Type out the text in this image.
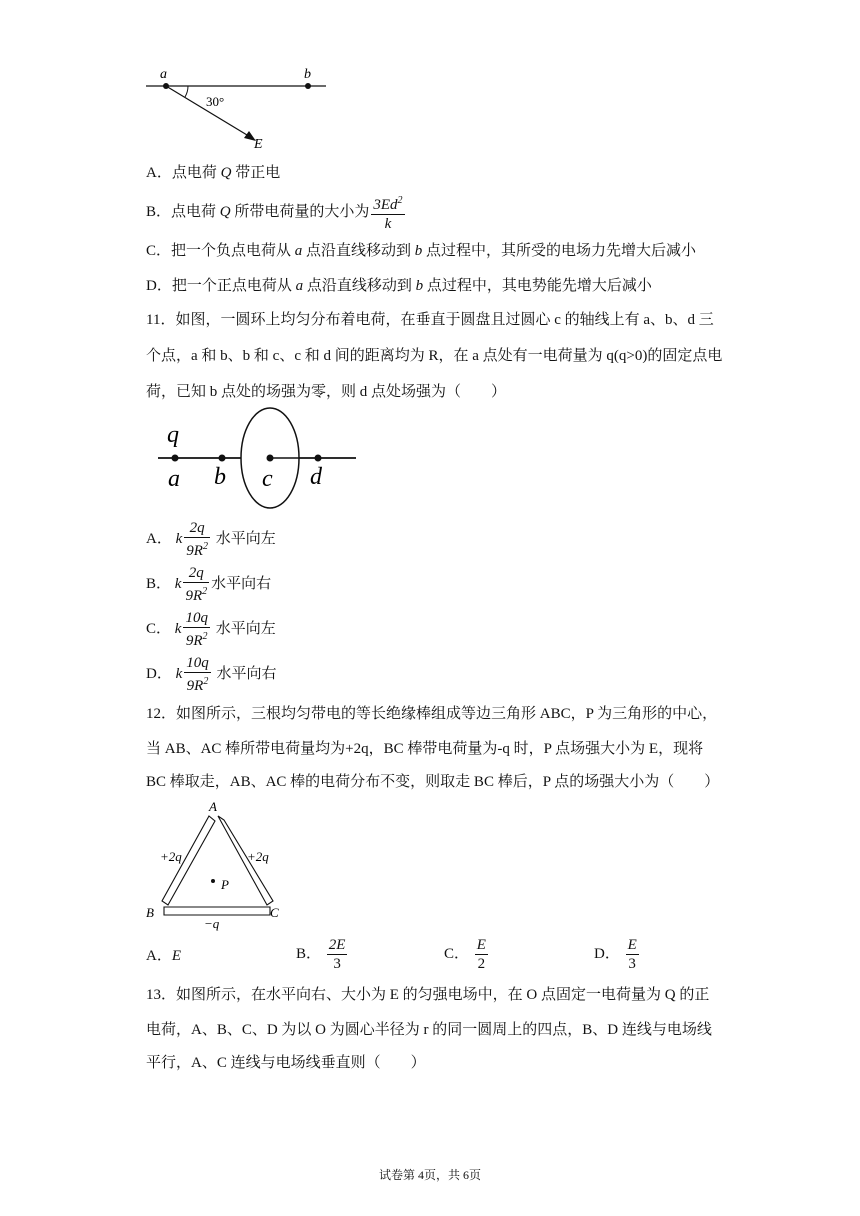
a	b
30°
E
A．点电荷 Q 带正电
B．点电荷 Q 所带电荷量的大小为 $\frac{3Ed^2}{k}$
C．把一个负点电荷从 a 点沿直线移动到 b 点过程中，其所受的电场力先增大后减小
D．把一个正点电荷从 a 点沿直线移动到 b 点过程中，其电势能先增大后减小
11．如图，一圆环上均匀分布着电荷，在垂直于圆盘且过圆心 c 的轴线上有 a、b、d 三个点，a 和 b、b 和 c、c 和 d 间的距离均为 R，在 a 点处有一电荷量为 q(q>0)的固定点电荷，已知 b 点处的场强为零，则 d 点处场强为（　　）
q
a b c d
A． k $\frac{2q}{9R^2}$ 水平向左
B． k $\frac{2q}{9R^2}$ 水平向右
C． k $\frac{10q}{9R^2}$ 水平向左
D． k $\frac{10q}{9R^2}$ 水平向右
12．如图所示，三根均匀带电的等长绝缘棒组成等边三角形 ABC，P 为三角形的中心，
当 AB、AC 棒所带电荷量均为+2q，BC 棒带电荷量为-q 时，P 点场强大小为 E，现将
BC 棒取走，AB、AC 棒的电荷分布不变，则取走 BC 棒后，P 点的场强大小为（　　）
A
B	C
P
+2q	+2q
−q
A．E	B． $\frac{2E}{3}$	C． $\frac{E}{2}$	D． $\frac{E}{3}$
13．如图所示，在水平向右、大小为 E 的匀强电场中，在 O 点固定一电荷量为 Q 的正
电荷，A、B、C、D 为以 O 为圆心半径为 r 的同一圆周上的四点，B、D 连线与电场线
平行，A、C 连线与电场线垂直则（　　）
试卷第 4页，共 6页
